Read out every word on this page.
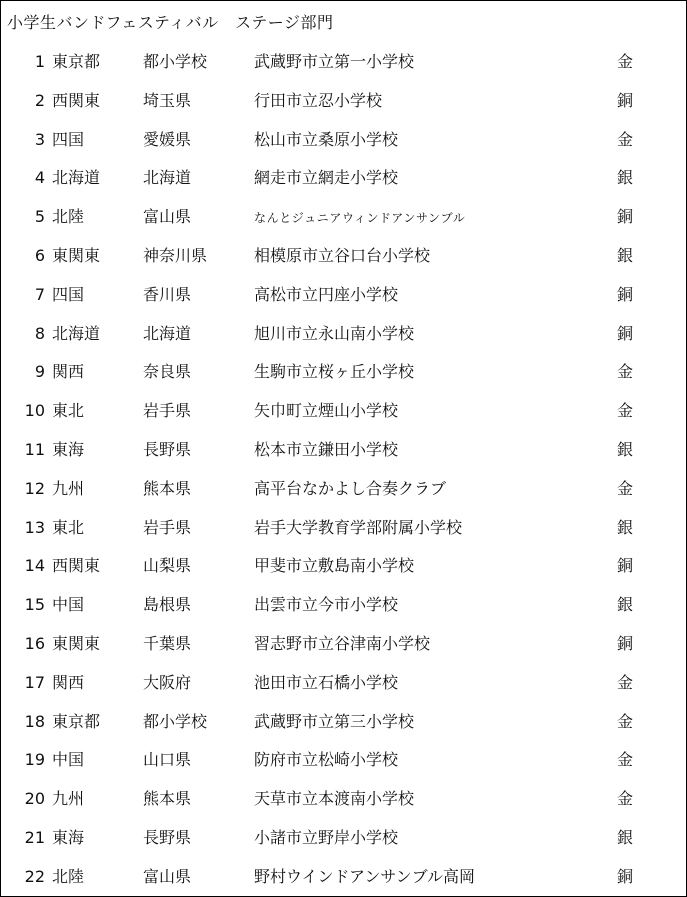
小学生バンドフェスティバル　ステージ部門
1 東京都	都小学校	武蔵野市立第一小学校	金
2 西関東	埼玉県	行田市立忍小学校	銅
3 四国	愛媛県	松山市立桑原小学校	金
4 北海道	北海道	網走市立網走小学校	銀
5 北陸	富山県	なんとジュニアウィンドアンサンブル	銅
6 東関東	神奈川県	相模原市立谷口台小学校	銀
7 四国	香川県	高松市立円座小学校	銅
8 北海道	北海道	旭川市立永山南小学校	銅
9 関西	奈良県	生駒市立桜ヶ丘小学校	金
10 東北	岩手県	矢巾町立煙山小学校	金
11 東海	長野県	松本市立鎌田小学校	銀
12 九州	熊本県	高平台なかよし合奏クラブ	金
13 東北	岩手県	岩手大学教育学部附属小学校	銀
14 西関東	山梨県	甲斐市立敷島南小学校	銅
15 中国	島根県	出雲市立今市小学校	銀
16 東関東	千葉県	習志野市立谷津南小学校	銅
17 関西	大阪府	池田市立石橋小学校	金
18 東京都	都小学校	武蔵野市立第三小学校	金
19 中国	山口県	防府市立松崎小学校	金
20 九州	熊本県	天草市立本渡南小学校	金
21 東海	長野県	小諸市立野岸小学校	銀
22 北陸	富山県	野村ウインドアンサンブル高岡	銅
